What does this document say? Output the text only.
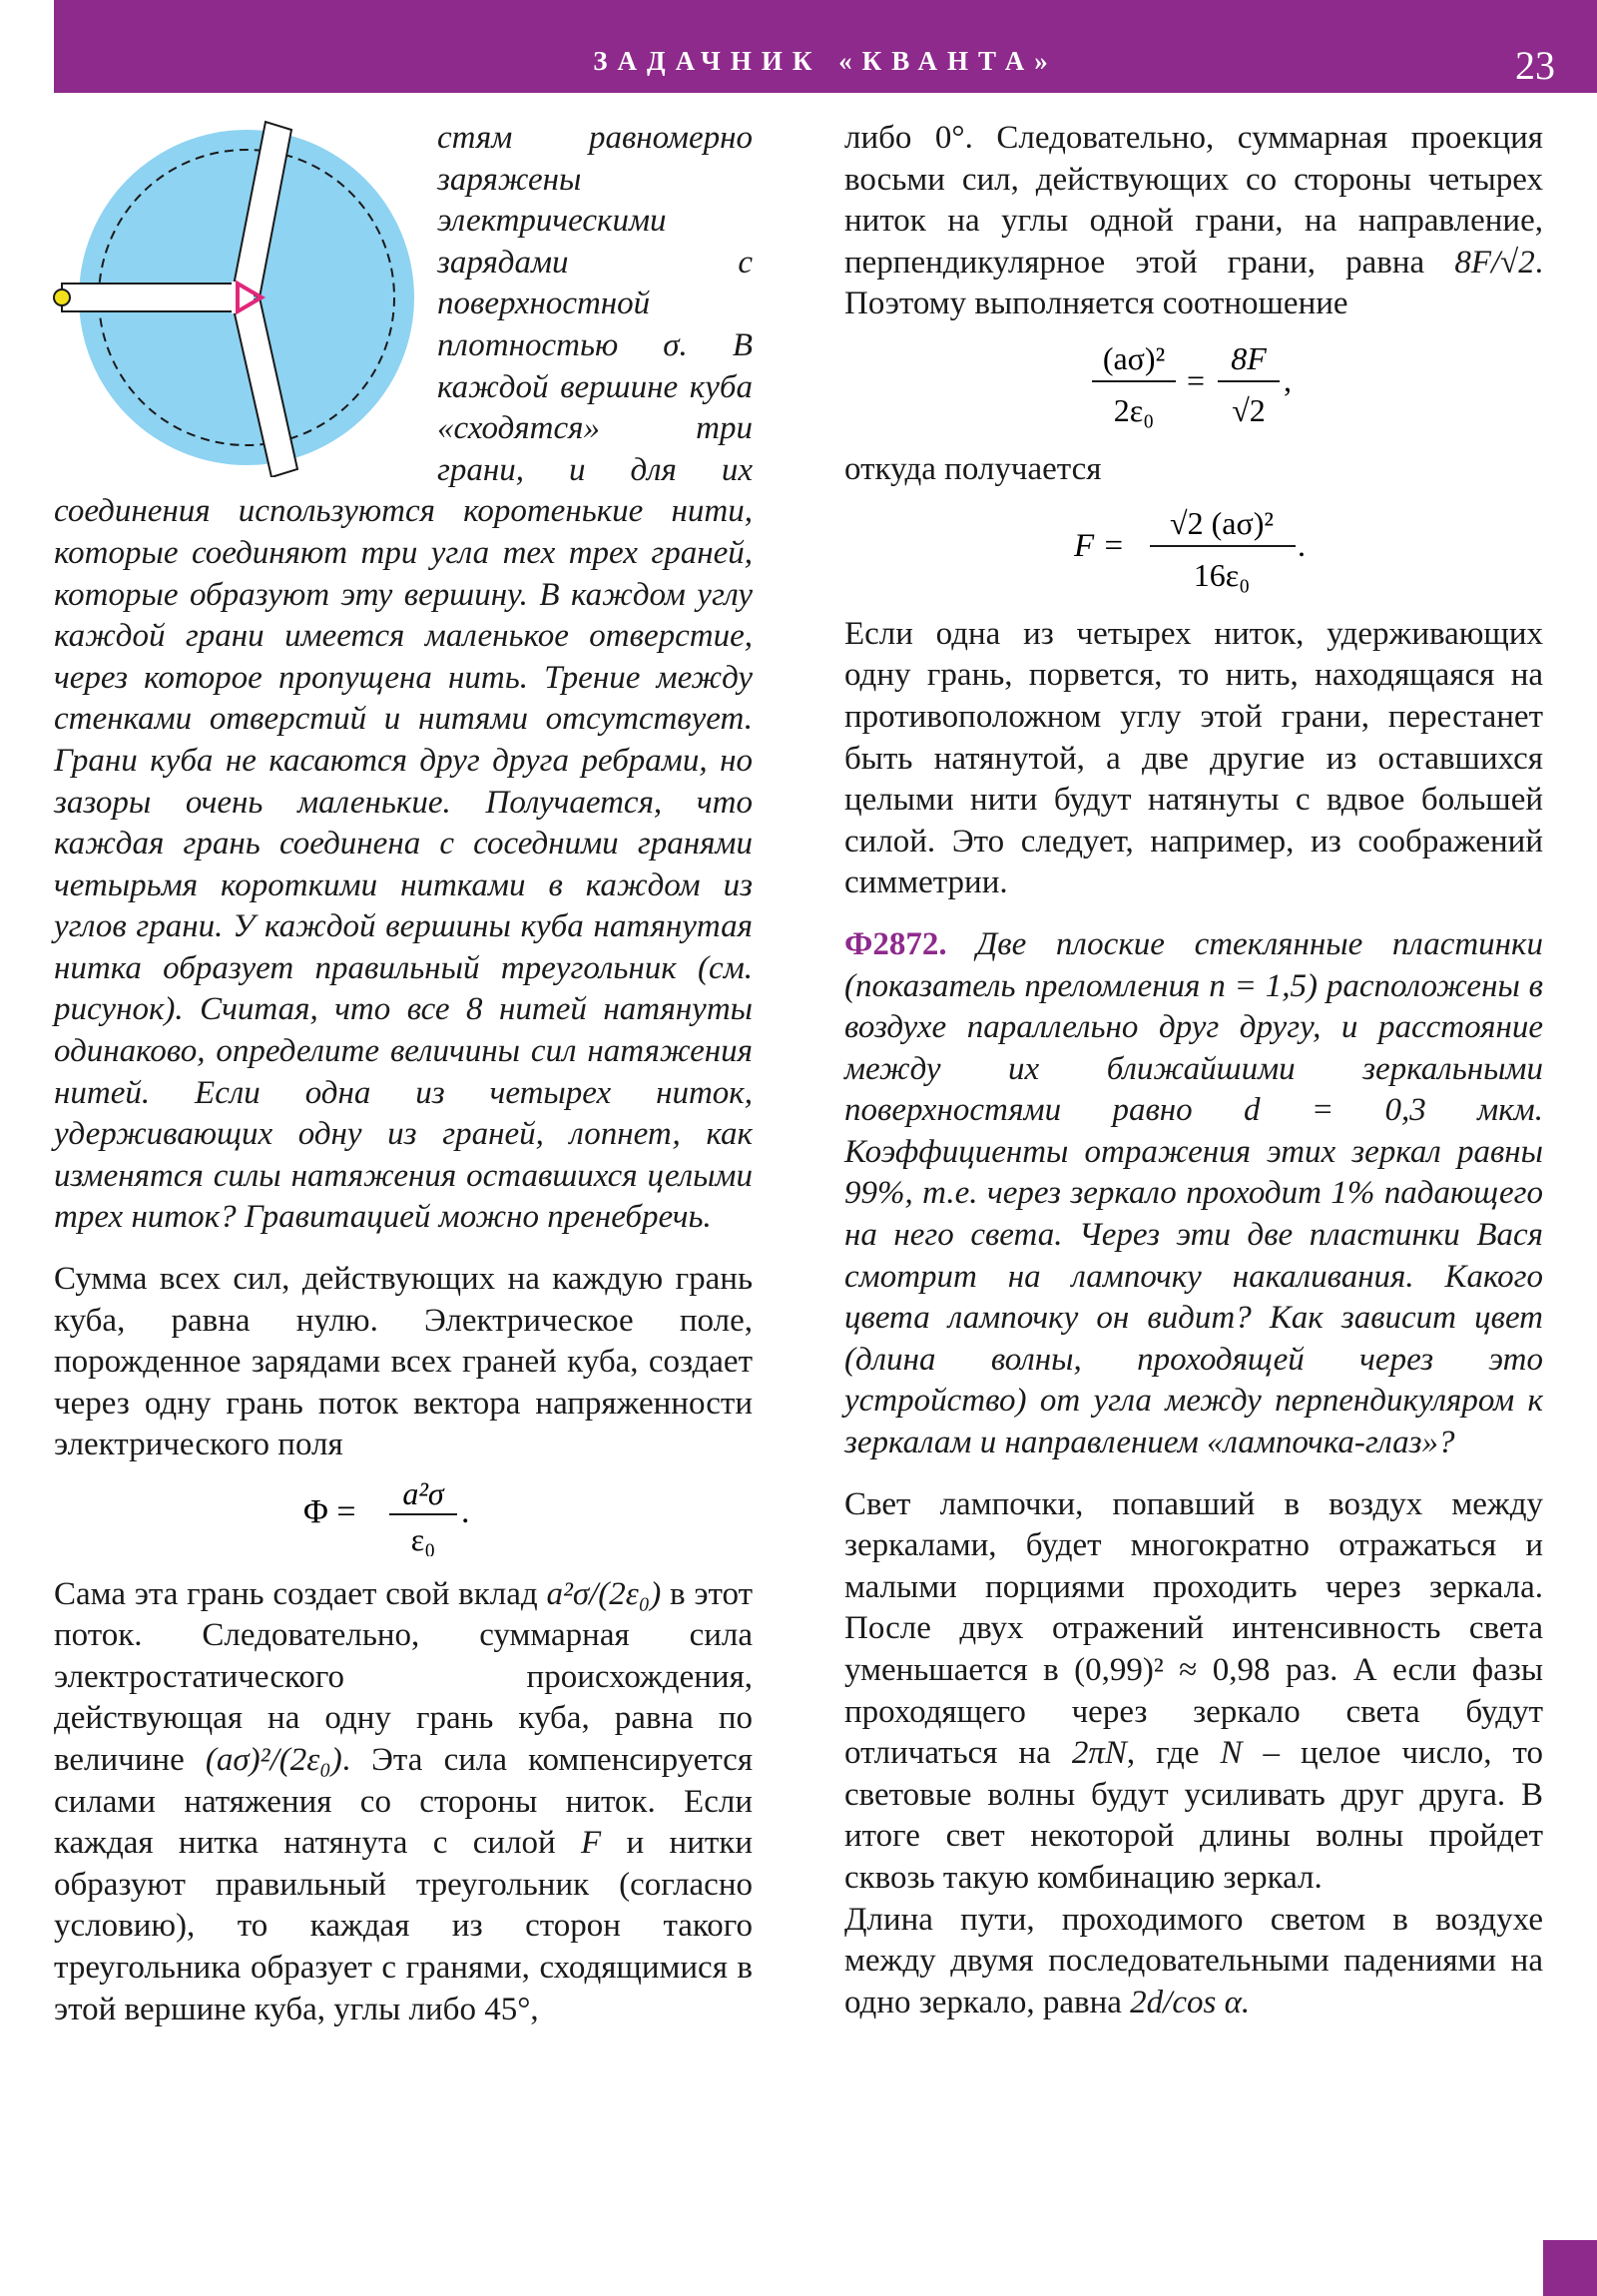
ЗАДАЧНИК «КВАНТА»	23

стям равномерно заряжены электрическими зарядами с поверхностной плотностью σ. В каждой вершине куба «сходятся» три грани, и для их соединения используются коротенькие нити, которые соединяют три угла тех трех граней, которые образуют эту вершину. В каждом углу каждой грани имеется маленькое отверстие, через которое пропущена нить. Трение между стенками отверстий и нитями отсутствует. Грани куба не касаются друг друга ребрами, но зазоры очень маленькие. Получается, что каждая грань соединена с соседними гранями четырьмя короткими нитками в каждом из углов грани. У каждой вершины куба натянутая нитка образует правильный треугольник (см. рисунок). Считая, что все 8 нитей натянуты одинаково, определите величины сил натяжения нитей. Если одна из четырех ниток, удерживающих одну из граней, лопнет, как изменятся силы натяжения оставшихся целыми трех ниток? Гравитацией можно пренебречь.

Сумма всех сил, действующих на каждую грань куба, равна нулю. Электрическое поле, порожденное зарядами всех граней куба, создает через одну грань поток вектора напряженности электрического поля

Φ = a²σ
ε₀
.

Сама эта грань создает свой вклад a²σ/(2ε₀) в этот поток. Следовательно, суммарная сила электростатического происхождения, действующая на одну грань куба, равна по величине (aσ)²/(2ε₀). Эта сила компенсируется силами натяжения со стороны ниток. Если каждая нитка натянута с силой F и нитки образуют правильный треугольник (согласно условию), то каждая из сторон такого треугольника образует с гранями, сходящимися в этой вершине куба, углы либо 45°,

либо 0°. Следовательно, суммарная проекция восьми сил, действующих со стороны четырех ниток на углы одной грани, на направление, перпендикулярное этой грани, равна 8F/√2. Поэтому выполняется соотношение

(aσ)²
2ε₀
=
8F
√2
,

откуда получается

F =
√2 (aσ)²
16ε₀
.

Если одна из четырех ниток, удерживающих одну грань, порвется, то нить, находящаяся на противоположном углу этой грани, перестанет быть натянутой, а две другие из оставшихся целыми нити будут натянуты с вдвое большей силой. Это следует, например, из соображений симметрии.

Ф2872. Две плоские стеклянные пластинки (показатель преломления n = 1,5) расположены в воздухе параллельно друг другу, и расстояние между их ближайшими зеркальными поверхностями равно d = 0,3 мкм. Коэффициенты отражения этих зеркал равны 99%, т.е. через зеркало проходит 1% падающего на него света. Через эти две пластинки Вася смотрит на лампочку накаливания. Какого цвета лампочку он видит? Как зависит цвет (длина волны, проходящей через это устройство) от угла между перпендикуляром к зеркалам и направлением «лампочка-глаз»?

Свет лампочки, попавший в воздух между зеркалами, будет многократно отражаться и малыми порциями проходить через зеркала. После двух отражений интенсивность света уменьшается в (0,99)² ≈ 0,98 раз. А если фазы проходящего через зеркало света будут отличаться на 2πN, где N – целое число, то световые волны будут усиливать друг друга. В итоге свет некоторой длины волны пройдет сквозь такую комбинацию зеркал.

Длина пути, проходимого светом в воздухе между двумя последовательными падениями на одно зеркало, равна 2d/cos α.
